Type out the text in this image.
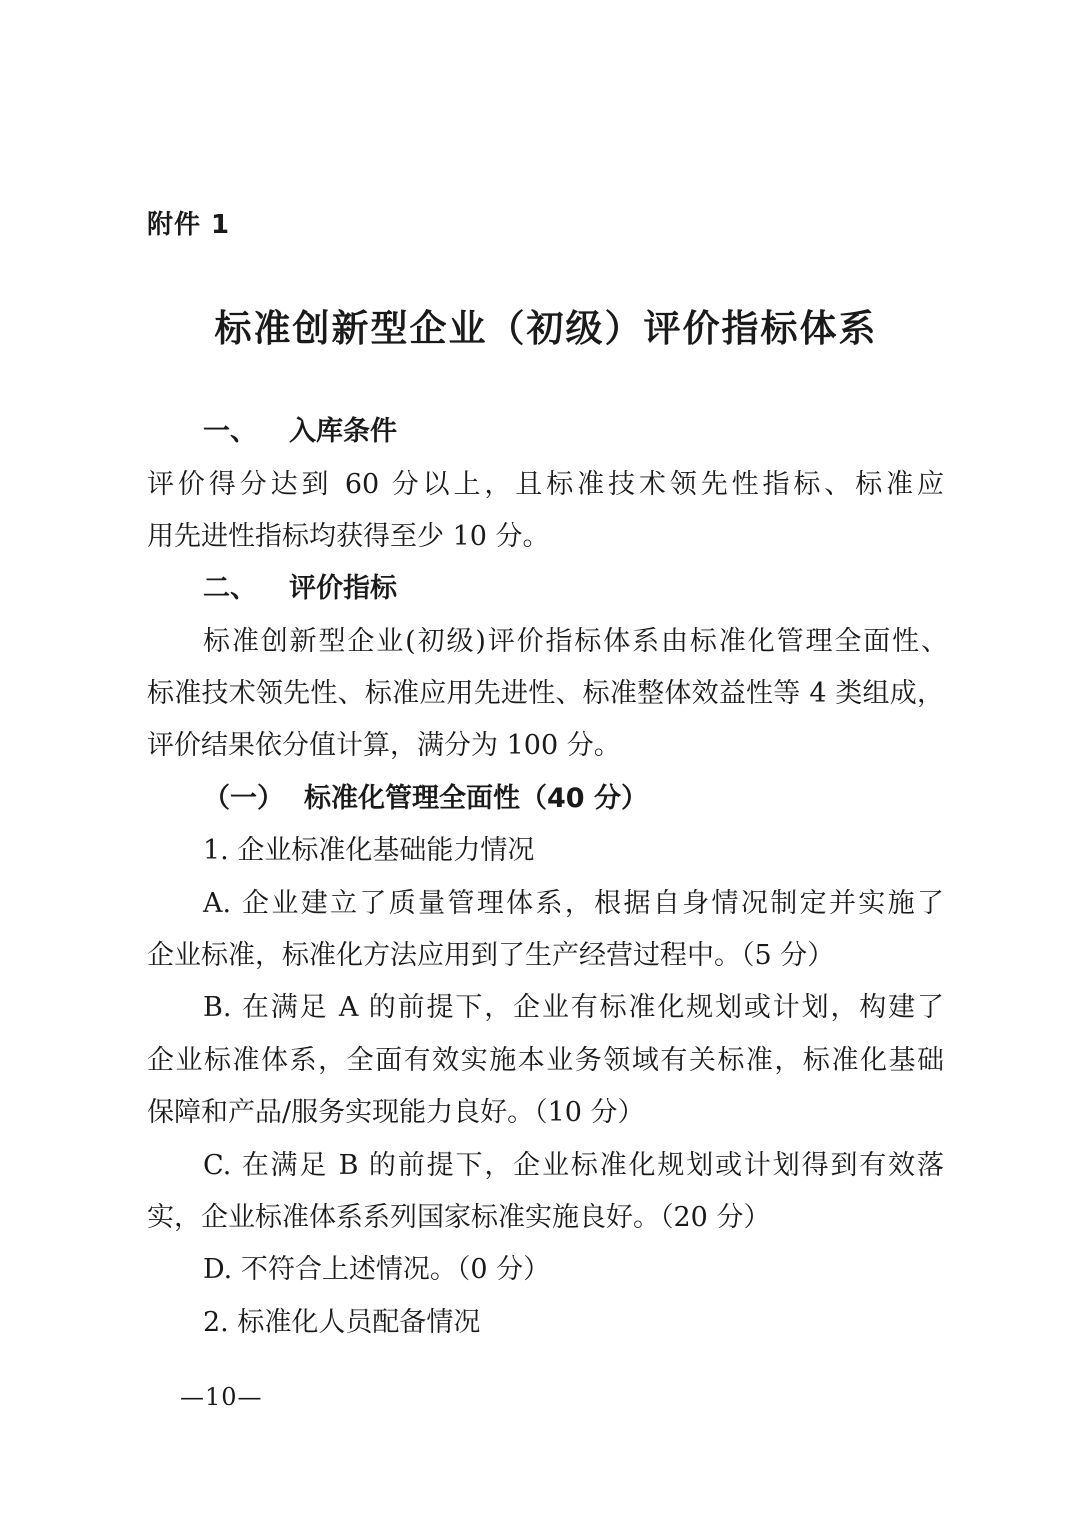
附件 1
标准创新型企业（初级）评价指标体系
一、 入库条件
评价得分达到 60 分以上，且标准技术领先性指标、标准应
用先进性指标均获得至少 10 分。
二、 评价指标
标准创新型企业(初级)评价指标体系由标准化管理全面性、
标准技术领先性、标准应用先进性、标准整体效益性等 4 类组成，
评价结果依分值计算，满分为 100 分。
（一） 标准化管理全面性（40 分）
1. 企业标准化基础能力情况
A. 企业建立了质量管理体系，根据自身情况制定并实施了
企业标准，标准化方法应用到了生产经营过程中。（5 分）
B. 在满足 A 的前提下，企业有标准化规划或计划，构建了
企业标准体系，全面有效实施本业务领域有关标准，标准化基础
保障和产品/服务实现能力良好。（10 分）
C. 在满足 B 的前提下，企业标准化规划或计划得到有效落
实，企业标准体系系列国家标准实施良好。（20 分）
D. 不符合上述情况。（0 分）
2. 标准化人员配备情况
—10—
